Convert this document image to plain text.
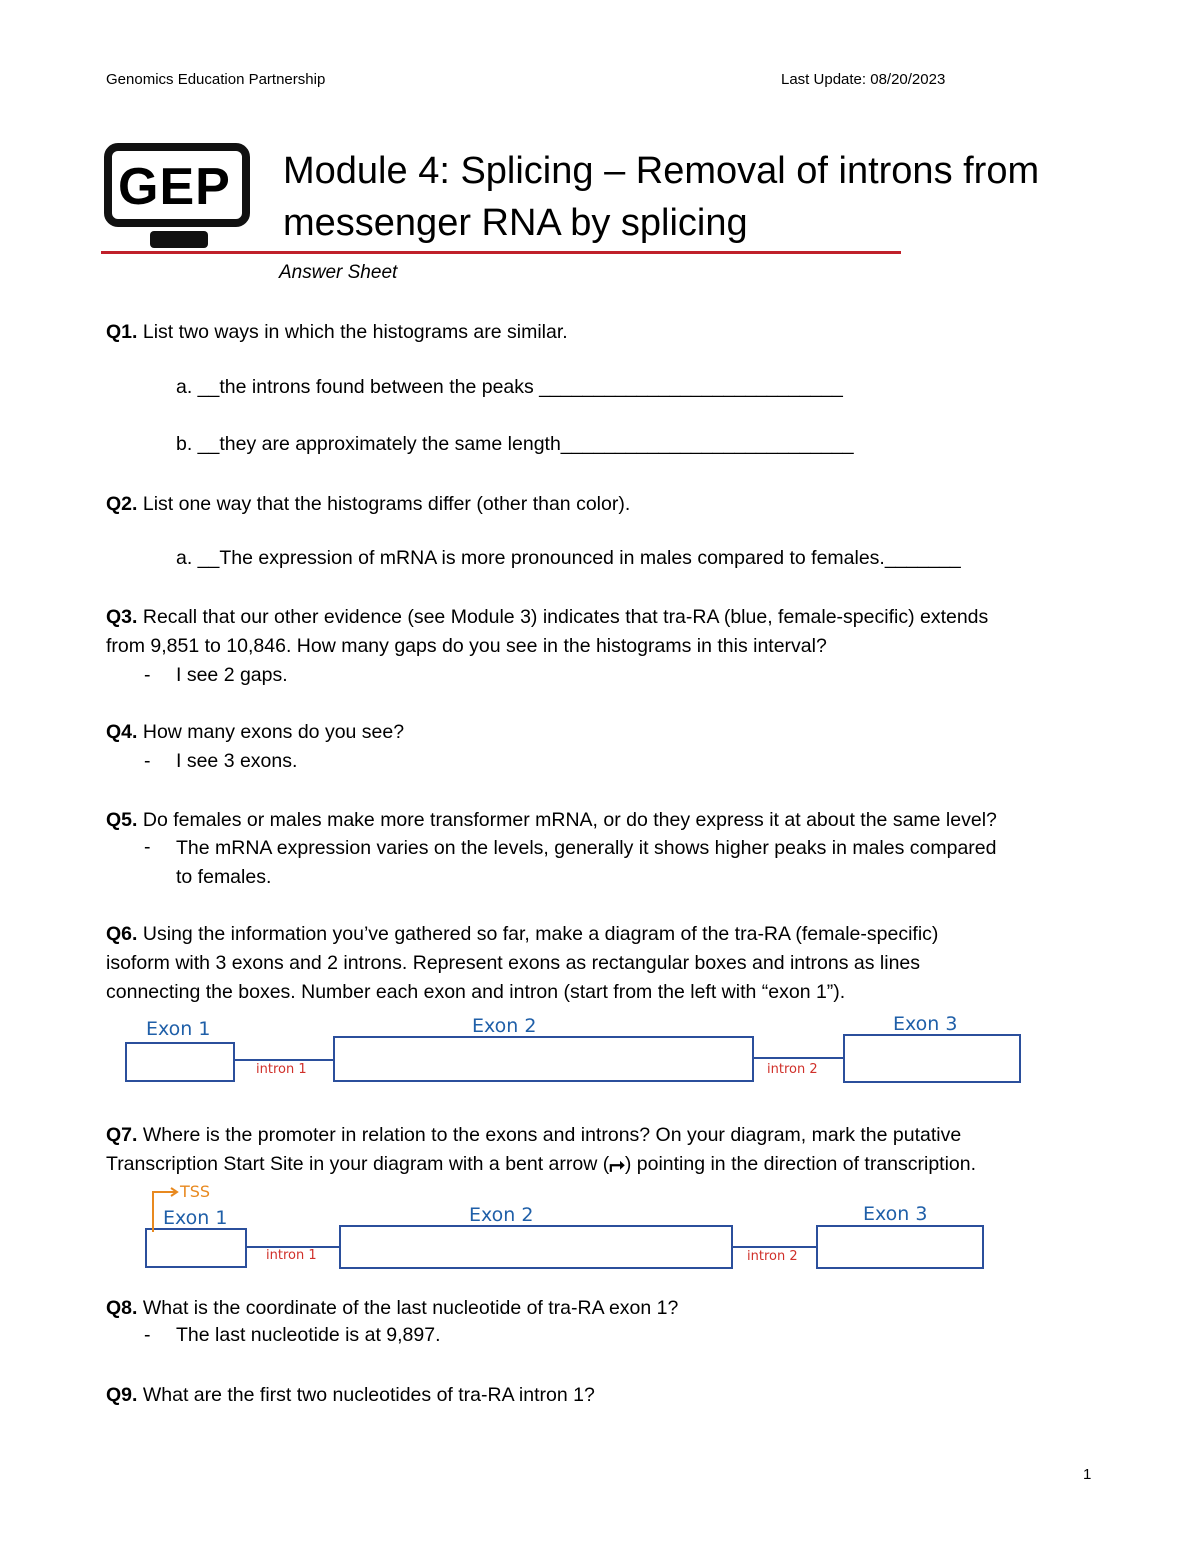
Genomics Education Partnership	Last Update: 08/20/2023
GEP Module 4: Splicing – Removal of introns from
messenger RNA by splicing
Answer Sheet
Q1. List two ways in which the histograms are similar.
a. __the introns found between the peaks ____________________________
b. __they are approximately the same length___________________________
Q2. List one way that the histograms differ (other than color).
a. __The expression of mRNA is more pronounced in males compared to females._______
Q3. Recall that our other evidence (see Module 3) indicates that tra-RA (blue, female-specific) extends
from 9,851 to 10,846. How many gaps do you see in the histograms in this interval?
- I see 2 gaps.
Q4. How many exons do you see?
- I see 3 exons.
Q5. Do females or males make more transformer mRNA, or do they express it at about the same level?
- The mRNA expression varies on the levels, generally it shows higher peaks in males compared
to females.
Q6. Using the information you’ve gathered so far, make a diagram of the tra-RA (female-specific)
isoform with 3 exons and 2 introns. Represent exons as rectangular boxes and introns as lines
connecting the boxes. Number each exon and intron (start from the left with “exon 1”).
Exon 1	Exon 2	Exon 3
intron 1	intron 2
Q7. Where is the promoter in relation to the exons and introns? On your diagram, mark the putative
Transcription Start Site in your diagram with a bent arrow (⮣) pointing in the direction of transcription.
TSS
Exon 1	Exon 2	Exon 3
intron 1	intron 2
Q8. What is the coordinate of the last nucleotide of tra-RA exon 1?
- The last nucleotide is at 9,897.
Q9. What are the first two nucleotides of tra-RA intron 1?
1
